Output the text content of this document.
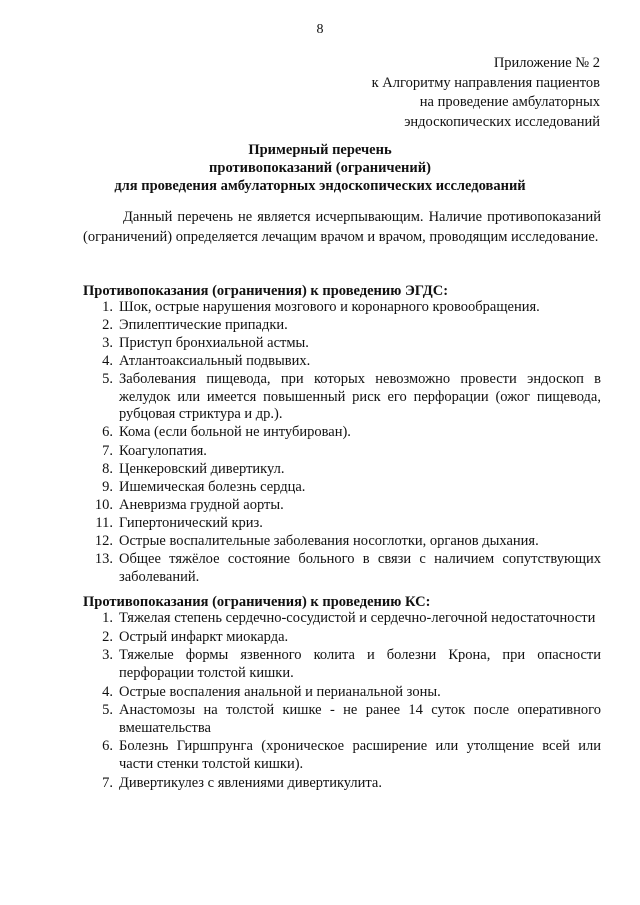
8
Приложение № 2
к Алгоритму направления пациентов
на проведение амбулаторных
эндоскопических исследований
Примерный перечень
противопоказаний (ограничений)
для проведения амбулаторных эндоскопических исследований
Данный перечень не является исчерпывающим. Наличие противопоказаний (ограничений) определяется лечащим врачом и врачом, проводящим исследование.
Противопоказания (ограничения) к проведению ЭГДС:
1. Шок, острые нарушения мозгового и коронарного кровообращения.
2. Эпилептические припадки.
3. Приступ бронхиальной астмы.
4. Атлантоаксиальный подвывих.
5. Заболевания пищевода, при которых невозможно провести эндоскоп в желудок или имеется повышенный риск его перфорации (ожог пищевода, рубцовая стриктура и др.).
6. Кома (если больной не интубирован).
7. Коагулопатия.
8. Ценкеровский дивертикул.
9. Ишемическая болезнь сердца.
10. Аневризма грудной аорты.
11. Гипертонический криз.
12. Острые воспалительные заболевания носоглотки, органов дыхания.
13. Общее тяжёлое состояние больного в связи с наличием сопутствующих заболеваний.
Противопоказания (ограничения) к проведению КС:
1. Тяжелая степень сердечно-сосудистой и сердечно-легочной недостаточности
2. Острый инфаркт миокарда.
3. Тяжелые формы язвенного колита и болезни Крона, при опасности перфорации толстой кишки.
4. Острые воспаления анальной и перианальной зоны.
5. Анастомозы на толстой кишке - не ранее 14 суток после оперативного вмешательства
6. Болезнь Гиршпрунга (хроническое расширение или утолщение всей или части стенки толстой кишки).
7. Дивертикулез с явлениями дивертикулита.
